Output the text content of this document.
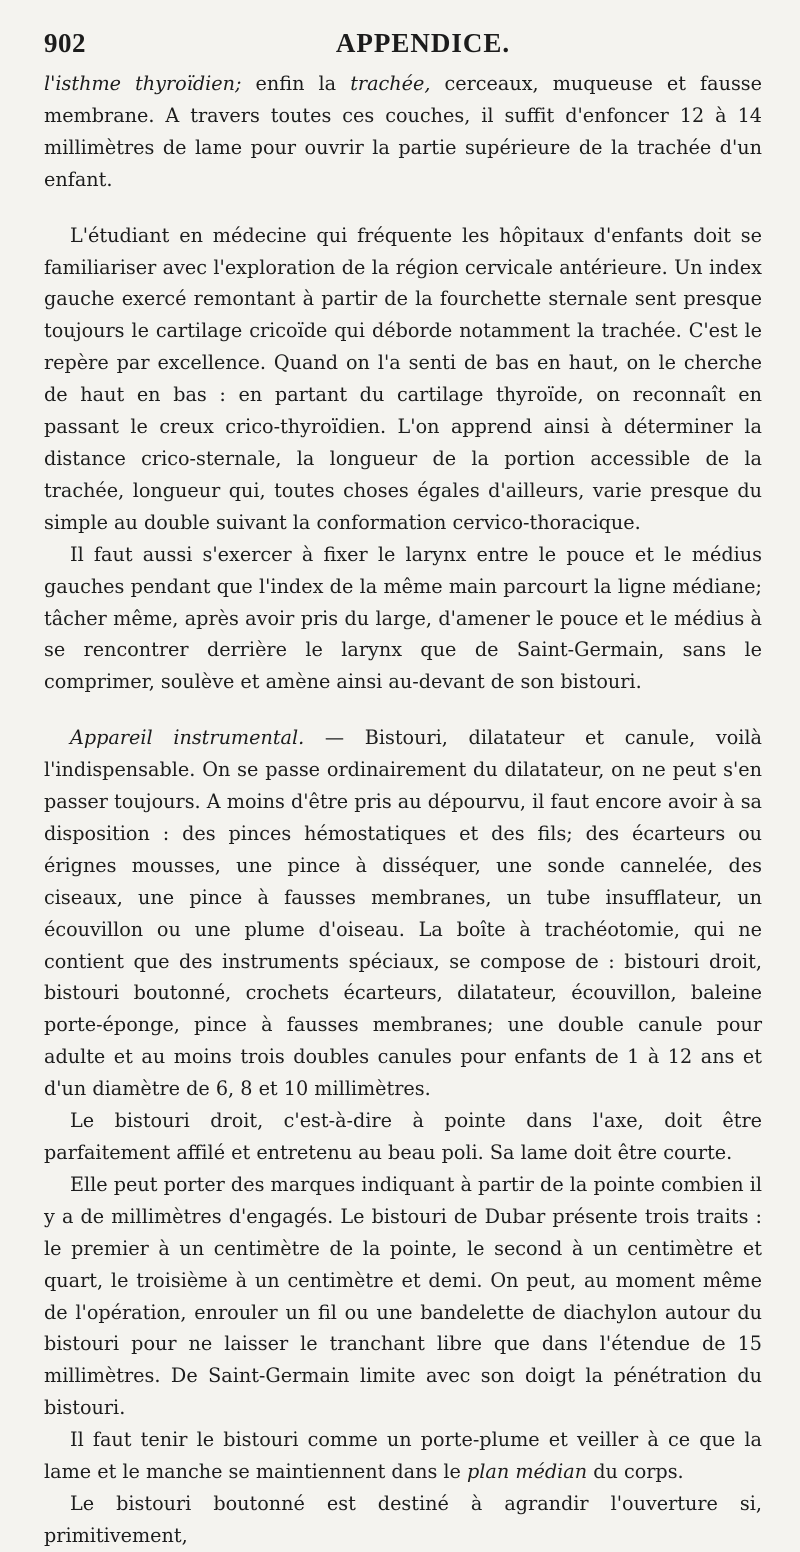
902	APPENDICE.

l'isthme thyroïdien; enfin la trachée, cerceaux, muqueuse et fausse membrane. A travers toutes ces couches, il suffit d'enfoncer 12 à 14 millimètres de lame pour ouvrir la partie supérieure de la trachée d'un enfant.

L'étudiant en médecine qui fréquente les hôpitaux d'enfants doit se familiariser avec l'exploration de la région cervicale antérieure. Un index gauche exercé remontant à partir de la fourchette sternale sent presque toujours le cartilage cricoïde qui déborde notamment la trachée. C'est le repère par excellence. Quand on l'a senti de bas en haut, on le cherche de haut en bas : en partant du cartilage thyroïde, on reconnaît en passant le creux crico-thyroïdien. L'on apprend ainsi à déterminer la distance crico-sternale, la longueur de la portion accessible de la trachée, longueur qui, toutes choses égales d'ailleurs, varie presque du simple au double suivant la conformation cervico-thoracique.

Il faut aussi s'exercer à fixer le larynx entre le pouce et le médius gauches pendant que l'index de la même main parcourt la ligne médiane; tâcher même, après avoir pris du large, d'amener le pouce et le médius à se rencontrer derrière le larynx que de Saint-Germain, sans le comprimer, soulève et amène ainsi au-devant de son bistouri.

Appareil instrumental. — Bistouri, dilatateur et canule, voilà l'indispensable. On se passe ordinairement du dilatateur, on ne peut s'en passer toujours. A moins d'être pris au dépourvu, il faut encore avoir à sa disposition : des pinces hémostatiques et des fils; des écarteurs ou érignes mousses, une pince à disséquer, une sonde cannelée, des ciseaux, une pince à fausses membranes, un tube insufflateur, un écouvillon ou une plume d'oiseau. La boîte à trachéotomie, qui ne contient que des instruments spéciaux, se compose de : bistouri droit, bistouri boutonné, crochets écarteurs, dilatateur, écouvillon, baleine porte-éponge, pince à fausses membranes; une double canule pour adulte et au moins trois doubles canules pour enfants de 1 à 12 ans et d'un diamètre de 6, 8 et 10 millimètres.

Le bistouri droit, c'est-à-dire à pointe dans l'axe, doit être parfaitement affilé et entretenu au beau poli. Sa lame doit être courte.

Elle peut porter des marques indiquant à partir de la pointe combien il y a de millimètres d'engagés. Le bistouri de Dubar présente trois traits : le premier à un centimètre de la pointe, le second à un centimètre et quart, le troisième à un centimètre et demi. On peut, au moment même de l'opération, enrouler un fil ou une bandelette de diachylon autour du bistouri pour ne laisser le tranchant libre que dans l'étendue de 15 millimètres. De Saint-Germain limite avec son doigt la pénétration du bistouri.

Il faut tenir le bistouri comme un porte-plume et veiller à ce que la lame et le manche se maintiennent dans le plan médian du corps.

Le bistouri boutonné est destiné à agrandir l'ouverture si, primitivement,
